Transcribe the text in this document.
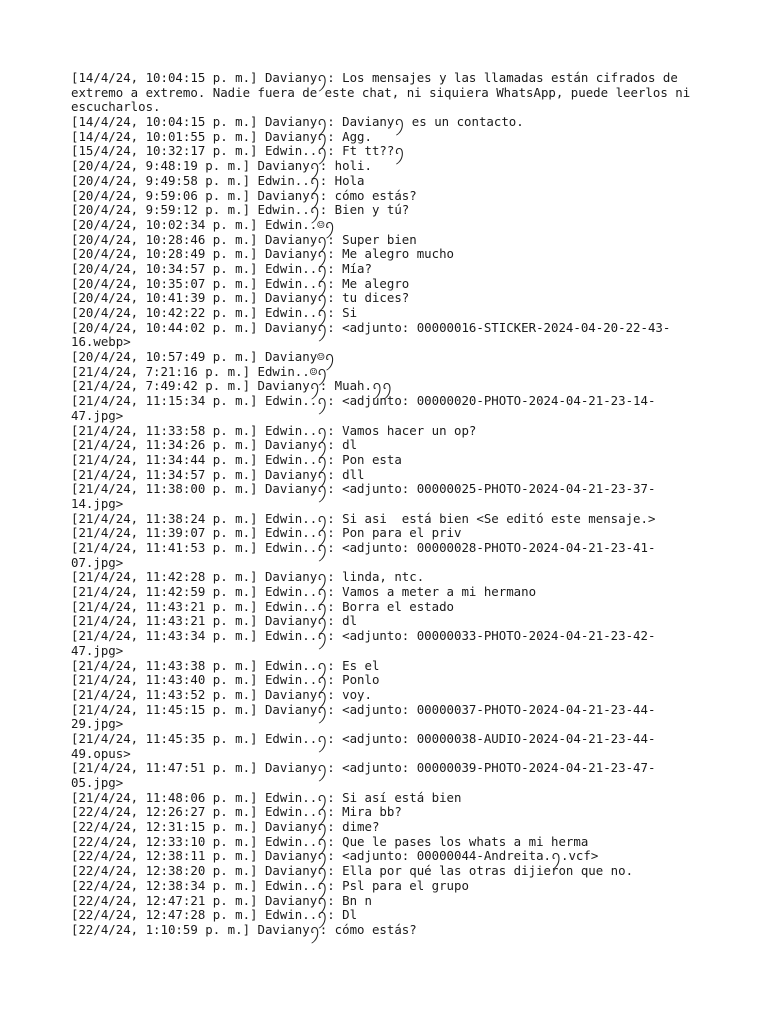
[14/4/24, 10:04:15 p. m.] Davianyꪆ: Los mensajes y las llamadas están cifrados de
extremo a extremo. Nadie fuera de este chat, ni siquiera WhatsApp, puede leerlos ni
escucharlos.
[14/4/24, 10:04:15 p. m.] Davianyꪆ: Davianyꪆ es un contacto.
[14/4/24, 10:01:55 p. m.] Davianyꪆ: Agg.
[15/4/24, 10:32:17 p. m.] Edwin..ꪆ: Ft tt??ꪆ
[20/4/24, 9:48:19 p. m.] Davianyꪆ: holi.
[20/4/24, 9:49:58 p. m.] Edwin..ꪆ: Hola
[20/4/24, 9:59:06 p. m.] Davianyꪆ: cómo estás?
[20/4/24, 9:59:12 p. m.] Edwin..ꪆ: Bien y tú?
[20/4/24, 10:02:34 p. m.] Edwin..☺ꪆ
[20/4/24, 10:28:46 p. m.] Davianyꪆ: Super bien
[20/4/24, 10:28:49 p. m.] Davianyꪆ: Me alegro mucho
[20/4/24, 10:34:57 p. m.] Edwin..ꪆ: Mía?
[20/4/24, 10:35:07 p. m.] Edwin..ꪆ: Me alegro
[20/4/24, 10:41:39 p. m.] Davianyꪆ: tu dices?
[20/4/24, 10:42:22 p. m.] Edwin..ꪆ: Si
[20/4/24, 10:44:02 p. m.] Davianyꪆ: <adjunto: 00000016-STICKER-2024-04-20-22-43-
16.webp>
[20/4/24, 10:57:49 p. m.] Daviany☺ꪆ
[21/4/24, 7:21:16 p. m.] Edwin..☺ꪆ
[21/4/24, 7:49:42 p. m.] Davianyꪆ: Muah.ꪆꪆ
[21/4/24, 11:15:34 p. m.] Edwin..ꪆ: <adjunto: 00000020-PHOTO-2024-04-21-23-14-
47.jpg>
[21/4/24, 11:33:58 p. m.] Edwin..ꪆ: Vamos hacer un op?
[21/4/24, 11:34:26 p. m.] Davianyꪆ: dl
[21/4/24, 11:34:44 p. m.] Edwin..ꪆ: Pon esta
[21/4/24, 11:34:57 p. m.] Davianyꪆ: dll
[21/4/24, 11:38:00 p. m.] Davianyꪆ: <adjunto: 00000025-PHOTO-2024-04-21-23-37-
14.jpg>
[21/4/24, 11:38:24 p. m.] Edwin..ꪆ: Si asi  está bien <Se editó este mensaje.>
[21/4/24, 11:39:07 p. m.] Edwin..ꪆ: Pon para el priv
[21/4/24, 11:41:53 p. m.] Edwin..ꪆ: <adjunto: 00000028-PHOTO-2024-04-21-23-41-
07.jpg>
[21/4/24, 11:42:28 p. m.] Davianyꪆ: linda, ntc.
[21/4/24, 11:42:59 p. m.] Edwin..ꪆ: Vamos a meter a mi hermano
[21/4/24, 11:43:21 p. m.] Edwin..ꪆ: Borra el estado
[21/4/24, 11:43:21 p. m.] Davianyꪆ: dl
[21/4/24, 11:43:34 p. m.] Edwin..ꪆ: <adjunto: 00000033-PHOTO-2024-04-21-23-42-
47.jpg>
[21/4/24, 11:43:38 p. m.] Edwin..ꪆ: Es el
[21/4/24, 11:43:40 p. m.] Edwin..ꪆ: Ponlo
[21/4/24, 11:43:52 p. m.] Davianyꪆ: voy.
[21/4/24, 11:45:15 p. m.] Davianyꪆ: <adjunto: 00000037-PHOTO-2024-04-21-23-44-
29.jpg>
[21/4/24, 11:45:35 p. m.] Edwin..ꪆ: <adjunto: 00000038-AUDIO-2024-04-21-23-44-
49.opus>
[21/4/24, 11:47:51 p. m.] Davianyꪆ: <adjunto: 00000039-PHOTO-2024-04-21-23-47-
05.jpg>
[21/4/24, 11:48:06 p. m.] Edwin..ꪆ: Si así está bien
[22/4/24, 12:26:27 p. m.] Edwin..ꪆ: Mira bb?
[22/4/24, 12:31:15 p. m.] Davianyꪆ: dime?
[22/4/24, 12:33:10 p. m.] Edwin..ꪆ: Que le pases los whats a mi herma
[22/4/24, 12:38:11 p. m.] Davianyꪆ: <adjunto: 00000044-Andreita.ꪆ.vcf>
[22/4/24, 12:38:20 p. m.] Davianyꪆ: Ella por qué las otras dijieron que no.
[22/4/24, 12:38:34 p. m.] Edwin..ꪆ: Psl para el grupo
[22/4/24, 12:47:21 p. m.] Davianyꪆ: Bn n
[22/4/24, 12:47:28 p. m.] Edwin..ꪆ: Dl
[22/4/24, 1:10:59 p. m.] Davianyꪆ: cómo estás?
